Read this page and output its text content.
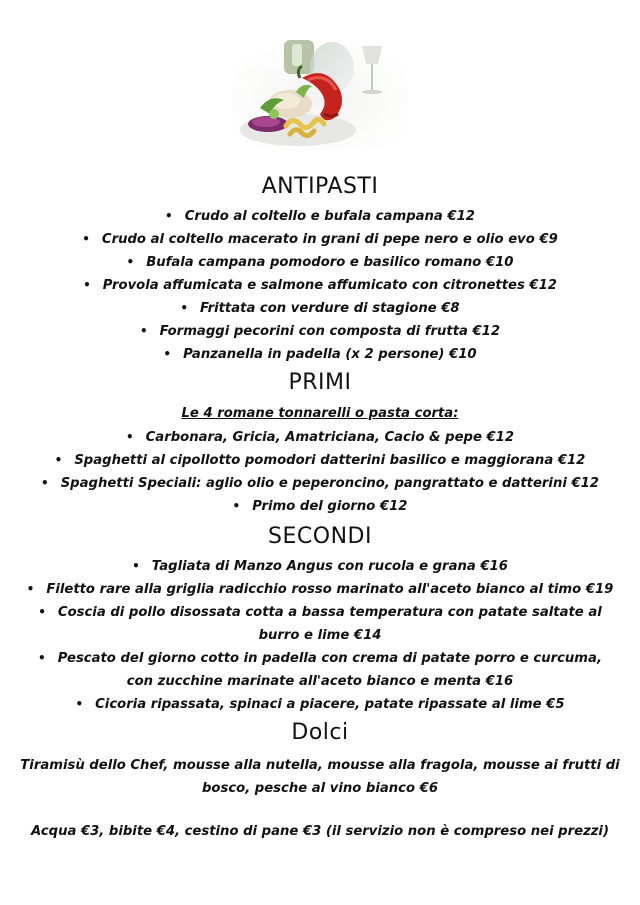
ANTIPASTI
• Crudo al coltello e bufala campana €12
• Crudo al coltello macerato in grani di pepe nero e olio evo €9
• Bufala campana pomodoro e basilico romano €10
• Provola affumicata e salmone affumicato con citronettes €12
• Frittata con verdure di stagione €8
• Formaggi pecorini con composta di frutta €12
• Panzanella in padella (x 2 persone) €10
PRIMI
Le 4 romane tonnarelli o pasta corta:
• Carbonara, Gricia, Amatriciana, Cacio & pepe €12
• Spaghetti al cipollotto pomodori datterini basilico e maggiorana €12
• Spaghetti Speciali: aglio olio e peperoncino, pangrattato e datterini €12
• Primo del giorno €12
SECONDI
• Tagliata di Manzo Angus con rucola e grana €16
• Filetto rare alla griglia radicchio rosso marinato all'aceto bianco al timo €19
• Coscia di pollo disossata cotta a bassa temperatura con patate saltate al burro e lime €14
• Pescato del giorno cotto in padella con crema di patate porro e curcuma, con zucchine marinate all'aceto bianco e menta €16
• Cicoria ripassata, spinaci a piacere, patate ripassate al lime €5
Dolci
Tiramisù dello Chef, mousse alla nutella, mousse alla fragola, mousse ai frutti di bosco, pesche al vino bianco €6
Acqua €3, bibite €4, cestino di pane €3 (il servizio non è compreso nei prezzi)
